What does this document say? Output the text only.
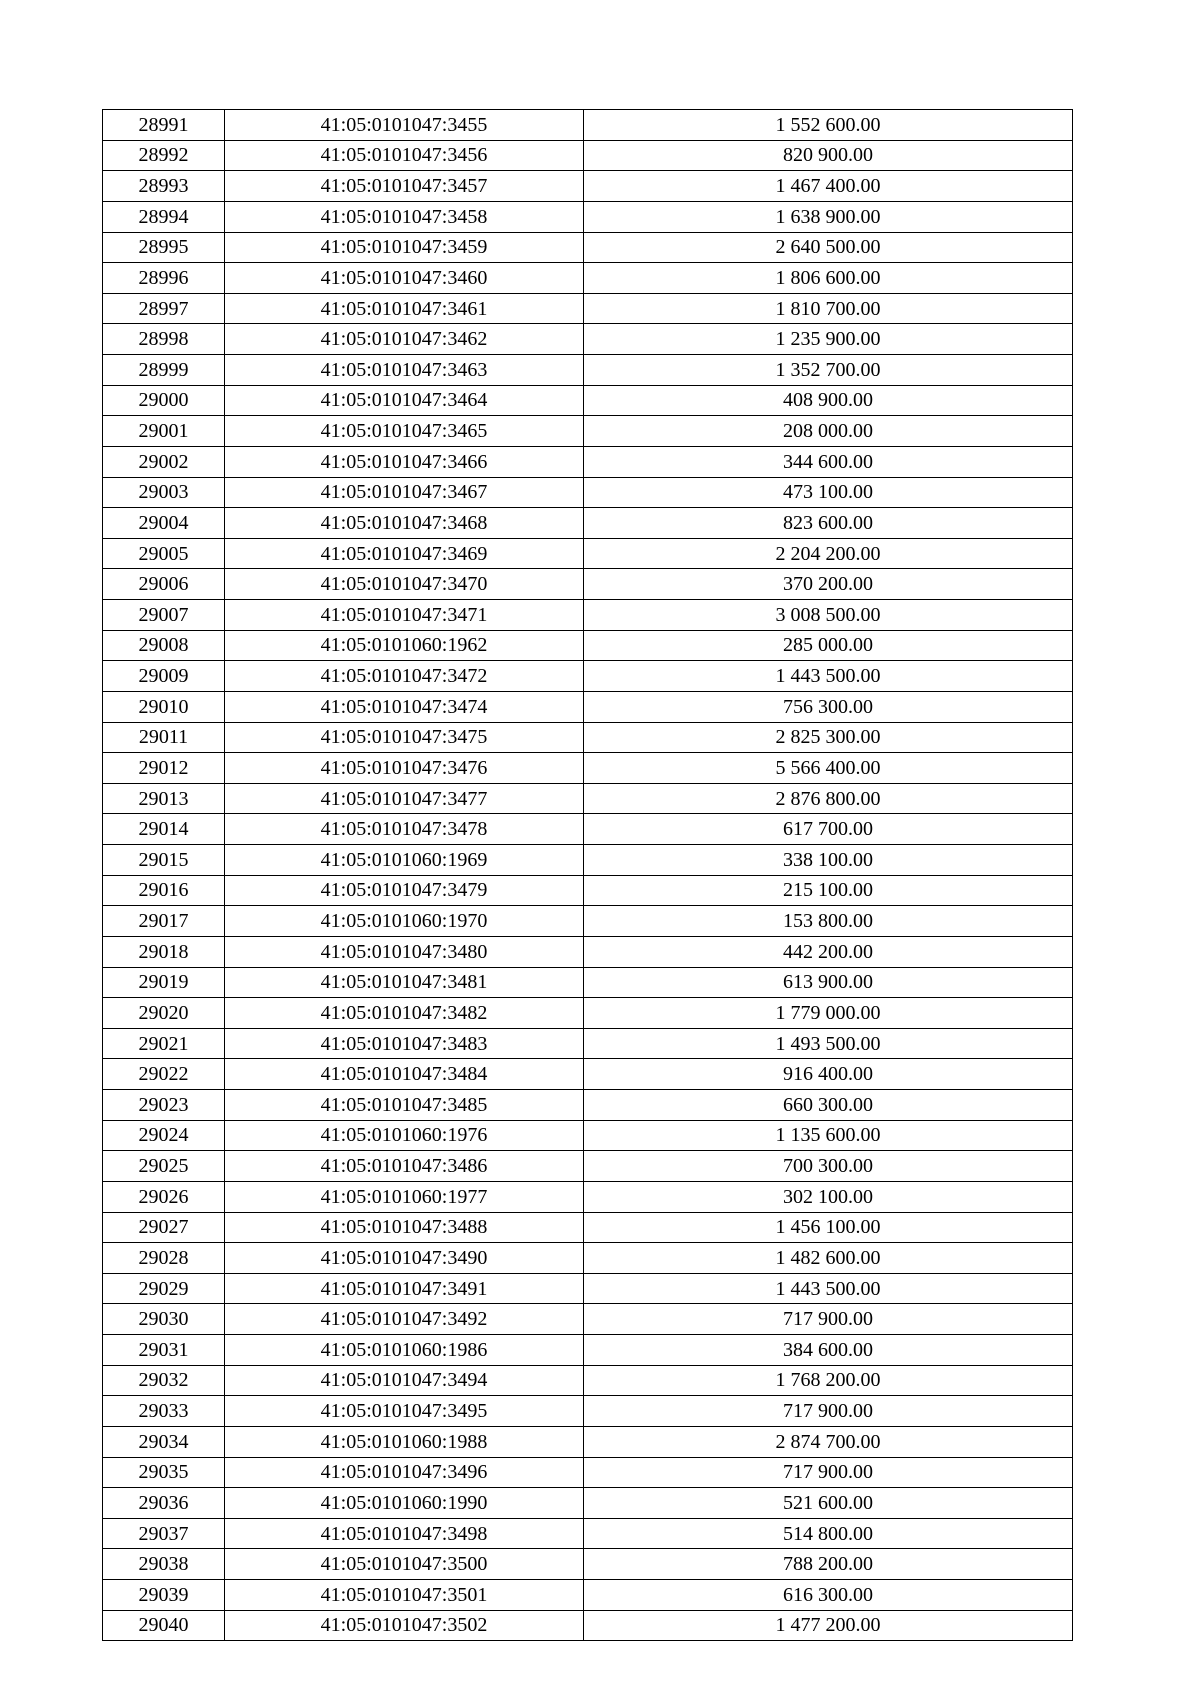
28991	41:05:0101047:3455	1 552 600.00
28992	41:05:0101047:3456	820 900.00
28993	41:05:0101047:3457	1 467 400.00
28994	41:05:0101047:3458	1 638 900.00
28995	41:05:0101047:3459	2 640 500.00
28996	41:05:0101047:3460	1 806 600.00
28997	41:05:0101047:3461	1 810 700.00
28998	41:05:0101047:3462	1 235 900.00
28999	41:05:0101047:3463	1 352 700.00
29000	41:05:0101047:3464	408 900.00
29001	41:05:0101047:3465	208 000.00
29002	41:05:0101047:3466	344 600.00
29003	41:05:0101047:3467	473 100.00
29004	41:05:0101047:3468	823 600.00
29005	41:05:0101047:3469	2 204 200.00
29006	41:05:0101047:3470	370 200.00
29007	41:05:0101047:3471	3 008 500.00
29008	41:05:0101060:1962	285 000.00
29009	41:05:0101047:3472	1 443 500.00
29010	41:05:0101047:3474	756 300.00
29011	41:05:0101047:3475	2 825 300.00
29012	41:05:0101047:3476	5 566 400.00
29013	41:05:0101047:3477	2 876 800.00
29014	41:05:0101047:3478	617 700.00
29015	41:05:0101060:1969	338 100.00
29016	41:05:0101047:3479	215 100.00
29017	41:05:0101060:1970	153 800.00
29018	41:05:0101047:3480	442 200.00
29019	41:05:0101047:3481	613 900.00
29020	41:05:0101047:3482	1 779 000.00
29021	41:05:0101047:3483	1 493 500.00
29022	41:05:0101047:3484	916 400.00
29023	41:05:0101047:3485	660 300.00
29024	41:05:0101060:1976	1 135 600.00
29025	41:05:0101047:3486	700 300.00
29026	41:05:0101060:1977	302 100.00
29027	41:05:0101047:3488	1 456 100.00
29028	41:05:0101047:3490	1 482 600.00
29029	41:05:0101047:3491	1 443 500.00
29030	41:05:0101047:3492	717 900.00
29031	41:05:0101060:1986	384 600.00
29032	41:05:0101047:3494	1 768 200.00
29033	41:05:0101047:3495	717 900.00
29034	41:05:0101060:1988	2 874 700.00
29035	41:05:0101047:3496	717 900.00
29036	41:05:0101060:1990	521 600.00
29037	41:05:0101047:3498	514 800.00
29038	41:05:0101047:3500	788 200.00
29039	41:05:0101047:3501	616 300.00
29040	41:05:0101047:3502	1 477 200.00
